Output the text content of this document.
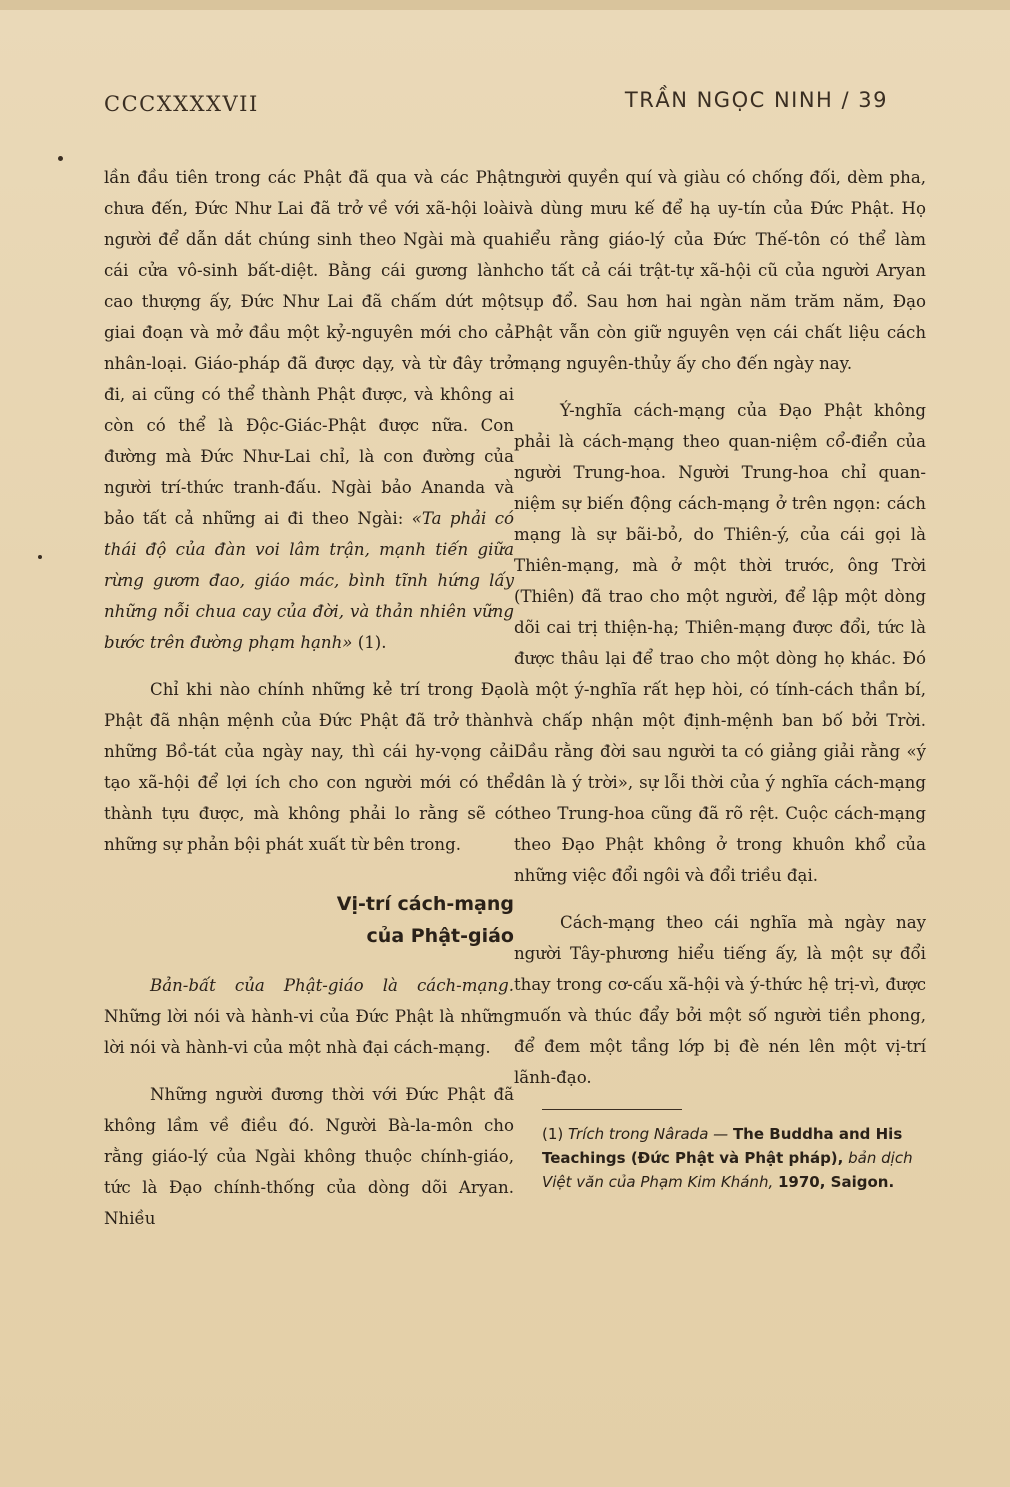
CCCXXXXVII	TRẦN NGỌC NINH / 39

lần đầu tiên trong các Phật đã qua và các Phật chưa đến, Đức Như Lai đã trở về với xã-hội loài người để dẫn dắt chúng sinh theo Ngài mà qua cái cửa vô-sinh bất-diệt. Bằng cái gương lành cao thượng ấy, Đức Như Lai đã chấm dứt một giai đoạn và mở đầu một kỷ-nguyên mới cho cả nhân-loại. Giáo-pháp đã được dạy, và từ đây trở đi, ai cũng có thể thành Phật được, và không ai còn có thể là Độc-Giác-Phật được nữa. Con đường mà Đức Như-Lai chỉ, là con đường của người trí-thức tranh-đấu. Ngài bảo Ananda và bảo tất cả những ai đi theo Ngài: «Ta phải có thái độ của đàn voi lâm trận, mạnh tiến giữa rừng gươm đao, giáo mác, bình tĩnh hứng lấy những nỗi chua cay của đời, và thản nhiên vững bước trên đường phạm hạnh» (1).

Chỉ khi nào chính những kẻ trí trong Đạo Phật đã nhận mệnh của Đức Phật đã trở thành những Bồ-tát của ngày nay, thì cái hy-vọng cải tạo xã-hội để lợi ích cho con người mới có thể thành tựu được, mà không phải lo rằng sẽ có những sự phản bội phát xuất từ bên trong.

Vị-trí cách-mạng
của Phật-giáo

Bản-bất của Phật-giáo là cách-mạng. Những lời nói và hành-vi của Đức Phật là những lời nói và hành-vi của một nhà đại cách-mạng.

Những người đương thời với Đức Phật đã không lầm về điều đó. Người Bà-la-môn cho rằng giáo-lý của Ngài không thuộc chính-giáo, tức là Đạo chính-thống của dòng dõi Aryan. Nhiều

người quyền quí và giàu có chống đối, dèm pha, và dùng mưu kế để hạ uy-tín của Đức Phật. Họ hiểu rằng giáo-lý của Đức Thế-tôn có thể làm cho tất cả cái trật-tự xã-hội cũ của người Aryan sụp đổ. Sau hơn hai ngàn năm trăm năm, Đạo Phật vẫn còn giữ nguyên vẹn cái chất liệu cách mạng nguyên-thủy ấy cho đến ngày nay.

Ý-nghĩa cách-mạng của Đạo Phật không phải là cách-mạng theo quan-niệm cổ-điển của người Trung-hoa. Người Trung-hoa chỉ quan-niệm sự biến động cách-mạng ở trên ngọn: cách mạng là sự bãi-bỏ, do Thiên-ý, của cái gọi là Thiên-mạng, mà ở một thời trước, ông Trời (Thiên) đã trao cho một người, để lập một dòng dõi cai trị thiện-hạ; Thiên-mạng được đổi, tức là được thâu lại để trao cho một dòng họ khác. Đó là một ý-nghĩa rất hẹp hòi, có tính-cách thần bí, và chấp nhận một định-mệnh ban bố bởi Trời. Dầu rằng đời sau người ta có giảng giải rằng «ý dân là ý trời», sự lỗi thời của ý nghĩa cách-mạng theo Trung-hoa cũng đã rõ rệt. Cuộc cách-mạng theo Đạo Phật không ở trong khuôn khổ của những việc đổi ngôi và đổi triều đại.

Cách-mạng theo cái nghĩa mà ngày nay người Tây-phương hiểu tiếng ấy, là một sự đổi thay trong cơ-cấu xã-hội và ý-thức hệ trị-vì, được muốn và thúc đẩy bởi một số người tiền phong, để đem một tầng lớp bị đè nén lên một vị-trí lãnh-đạo.

(1) Trích trong Nârada — The Buddha and His Teachings (Đức Phật và Phật pháp), bản dịch Việt văn của Phạm Kim Khánh, 1970, Saigon.
